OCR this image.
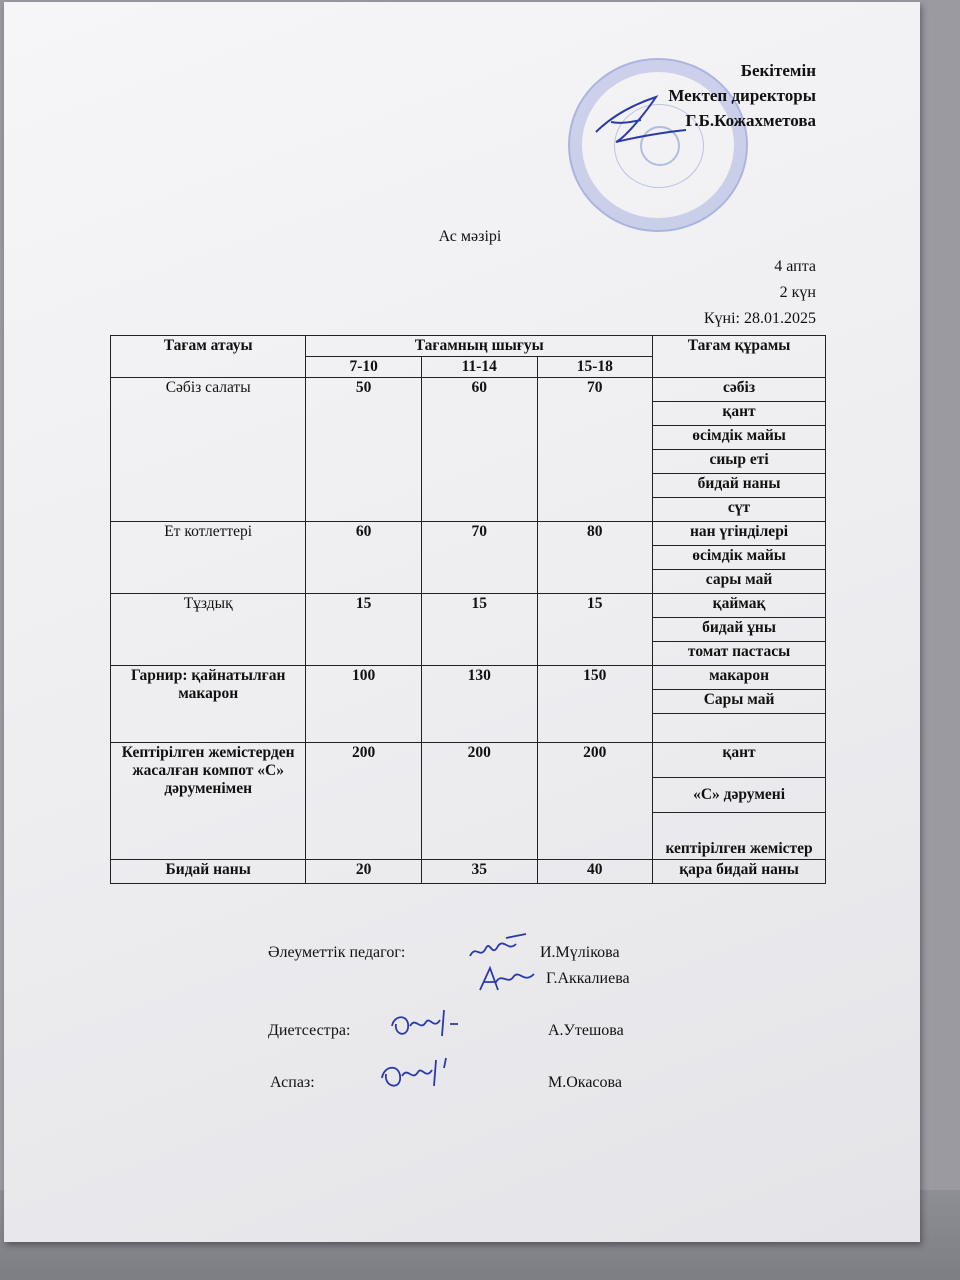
Бекітемін
Мектеп директоры
Г.Б.Кожахметова
Ас мәзірі
4 апта
2 күн
Күні: 28.01.2025
Тағам атауы	Тағамның шығуы			Тағам құрамы
	7-10	11-14	15-18	
Сәбіз салаты	50	60	70	сәбіз
				қант
				өсімдік майы
				сиыр еті
				бидай наны
				сүт
Ет котлеттері	60	70	80	нан үгінділері
				өсімдік майы
				сары май
Тұздық	15	15	15	қаймақ
				бидай ұны
				томат пастасы
Гарнир: қайнатылған макарон	100	130	150	макарон
				Сары май

Кептірілген жемістерден жасалған компот «С» дәруменімен	200	200	200	қант
				«С» дәрумені
				кептірілген жемістер
Бидай наны	20	35	40	қара бидай наны
Әлеуметтік педагог:	И.Мүлікова
Г.Аккалиева
Диетсестра:	А.Утешова
Аспаз:	М.Окасова
